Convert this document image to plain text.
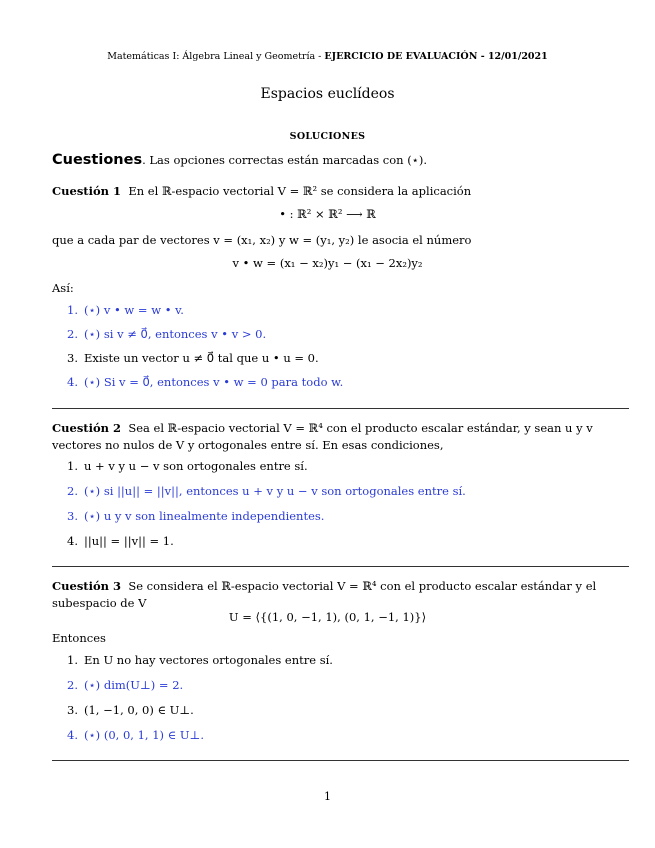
Matemáticas I: Álgebra Lineal y Geometría - EJERCICIO DE EVALUACIÓN - 12/01/2021
Espacios euclídeos
SOLUCIONES
Cuestiones. Las opciones correctas están marcadas con (⋆).
Cuestión 1 En el ℝ-espacio vectorial V = ℝ² se considera la aplicación
• : ℝ² × ℝ² ⟶ ℝ
que a cada par de vectores v = (x₁, x₂) y w = (y₁, y₂) le asocia el número
v • w = (x₁ − x₂)y₁ − (x₁ − 2x₂)y₂
Así:
1. (⋆) v • w = w • v.
2. (⋆) si v ≠ 0⃗, entonces v • v > 0.
3. Existe un vector u ≠ 0⃗ tal que u • u = 0.
4. (⋆) Si v = 0⃗, entonces v • w = 0 para todo w.
Cuestión 2 Sea el ℝ-espacio vectorial V = ℝ⁴ con el producto escalar estándar, y sean u y v vectores no nulos de V y ortogonales entre sí. En esas condiciones,
1. u + v y u − v son ortogonales entre sí.
2. (⋆) si ||u|| = ||v||, entonces u + v y u − v son ortogonales entre sí.
3. (⋆) u y v son linealmente independientes.
4. ||u|| = ||v|| = 1.
Cuestión 3 Se considera el ℝ-espacio vectorial V = ℝ⁴ con el producto escalar estándar y el subespacio de V
U = ⟨{(1, 0, −1, 1), (0, 1, −1, 1)}⟩
Entonces
1. En U no hay vectores ortogonales entre sí.
2. (⋆) dim(U⊥) = 2.
3. (1, −1, 0, 0) ∈ U⊥.
4. (⋆) (0, 0, 1, 1) ∈ U⊥.
1
